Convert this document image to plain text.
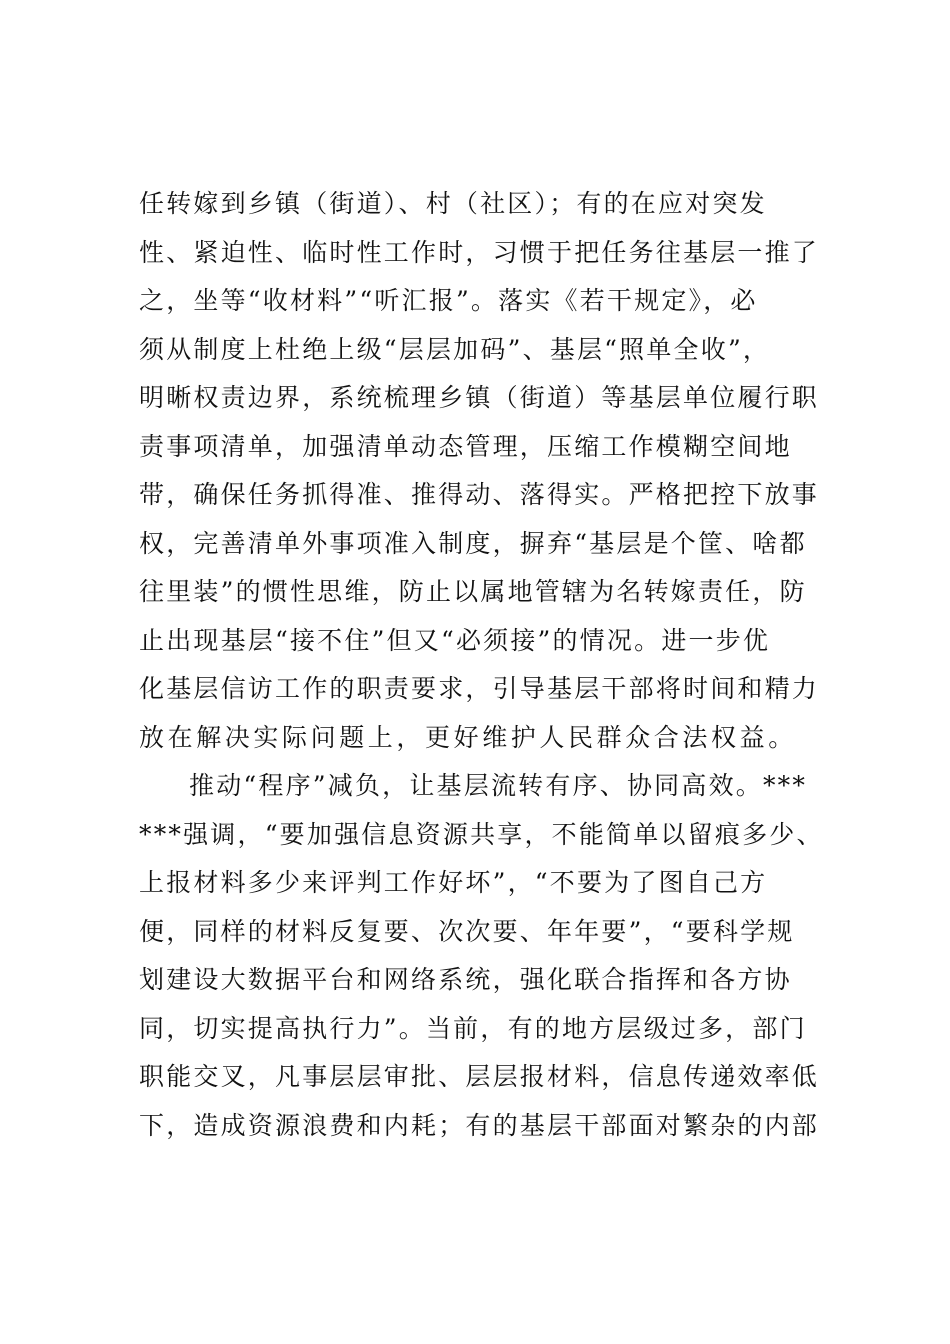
任转嫁到乡镇（街道）、村（社区）；有的在应对突发
性、紧迫性、临时性工作时，习惯于把任务往基层一推了
之，坐等“收材料”“听汇报”。落实《若干规定》，必
须从制度上杜绝上级“层层加码”、基层“照单全收”，
明晰权责边界，系统梳理乡镇（街道）等基层单位履行职
责事项清单，加强清单动态管理，压缩工作模糊空间地
带，确保任务抓得准、推得动、落得实。严格把控下放事
权，完善清单外事项准入制度，摒弃“基层是个筐、啥都
往里装”的惯性思维，防止以属地管辖为名转嫁责任，防
止出现基层“接不住”但又“必须接”的情况。进一步优
化基层信访工作的职责要求，引导基层干部将时间和精力
放在解决实际问题上，更好维护人民群众合法权益。
推动“程序”减负，让基层流转有序、协同高效。***
***强调，“要加强信息资源共享，不能简单以留痕多少、
上报材料多少来评判工作好坏”，“不要为了图自己方
便，同样的材料反复要、次次要、年年要”，“要科学规
划建设大数据平台和网络系统，强化联合指挥和各方协
同，切实提高执行力”。当前，有的地方层级过多，部门
职能交叉，凡事层层审批、层层报材料，信息传递效率低
下，造成资源浪费和内耗；有的基层干部面对繁杂的内部
